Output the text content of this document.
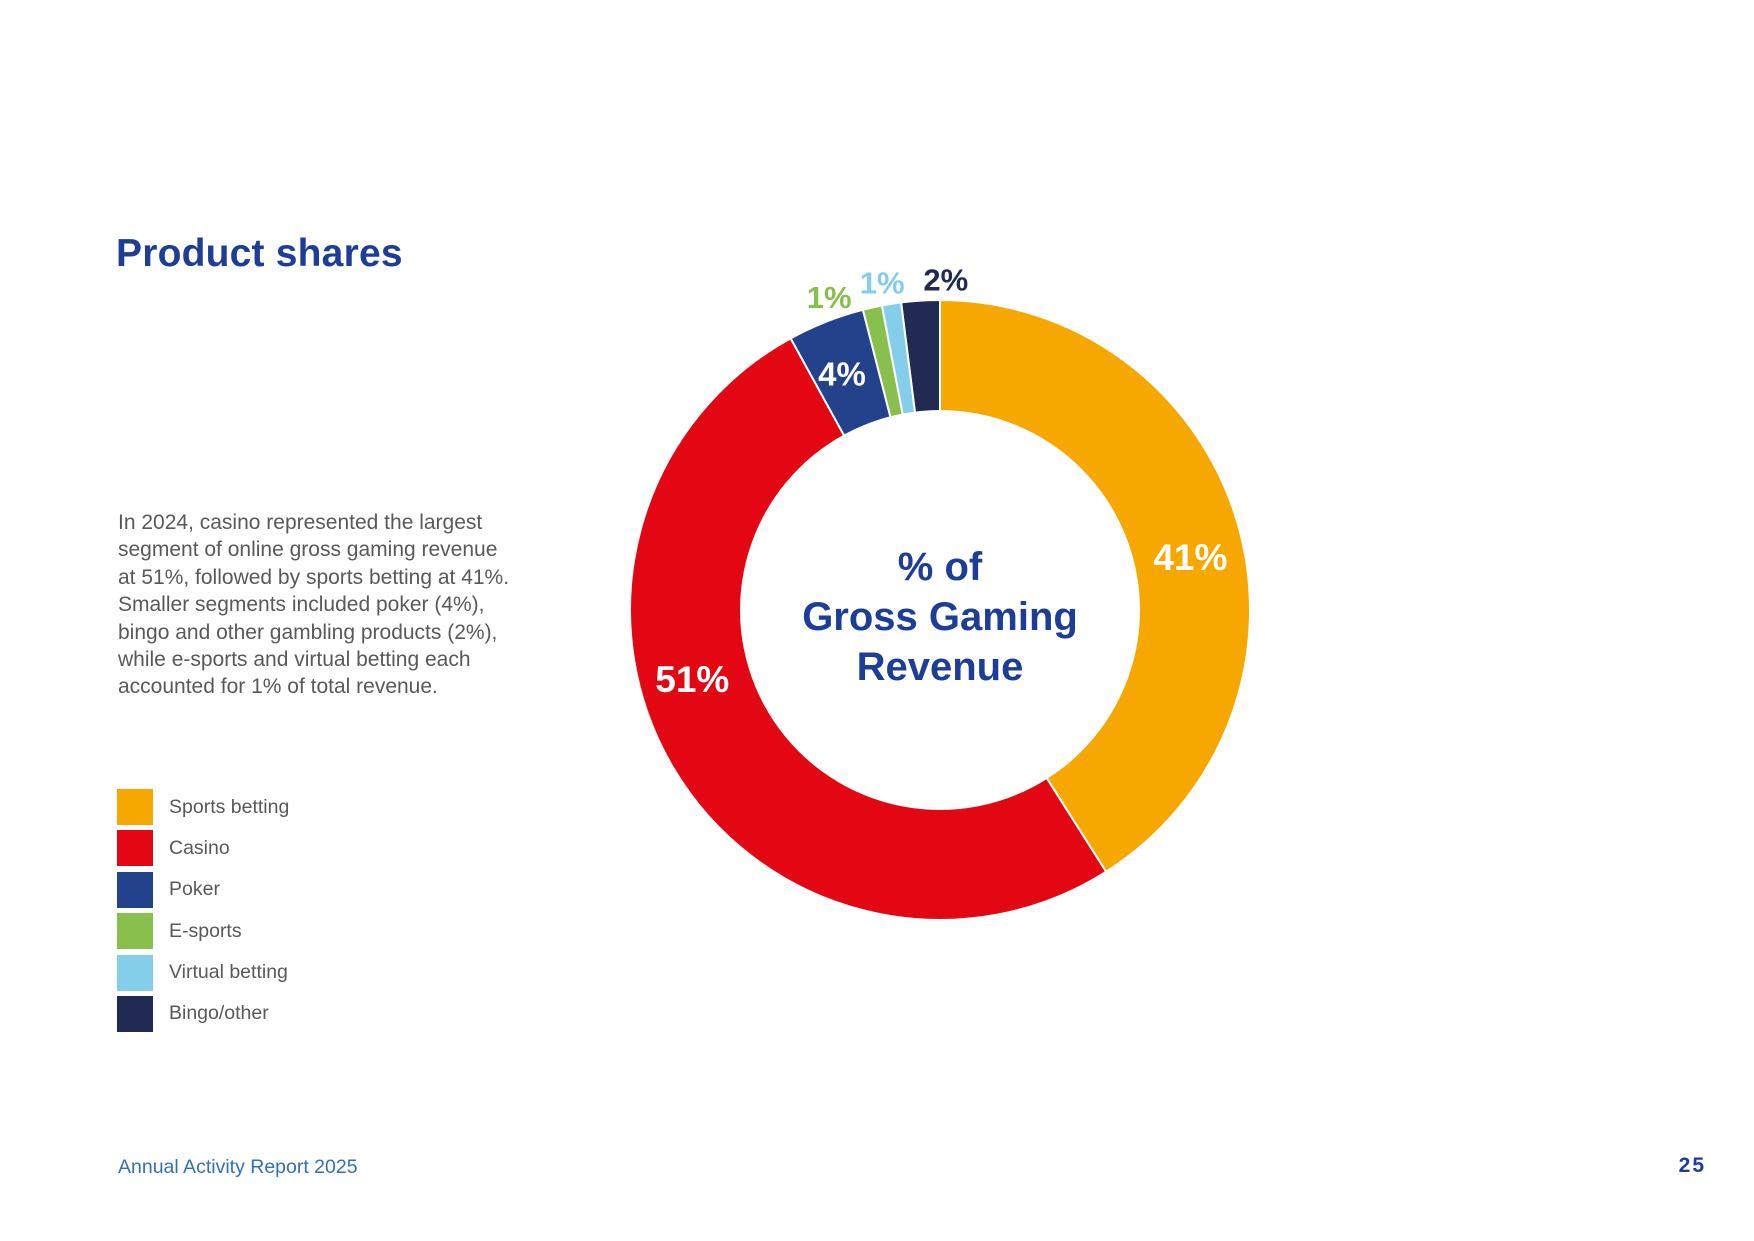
Product shares

In 2024, casino represented the largest segment of online gross gaming revenue at 51%, followed by sports betting at 41%. Smaller segments included poker (4%), bingo and other gambling products (2%), while e-sports and virtual betting each accounted for 1% of total revenue.

Sports betting
Casino
Poker
E-sports
Virtual betting
Bingo/other
41%
51%
4%
1% 1% 2%
% of
Gross Gaming
Revenue
Annual Activity Report 2025	25
